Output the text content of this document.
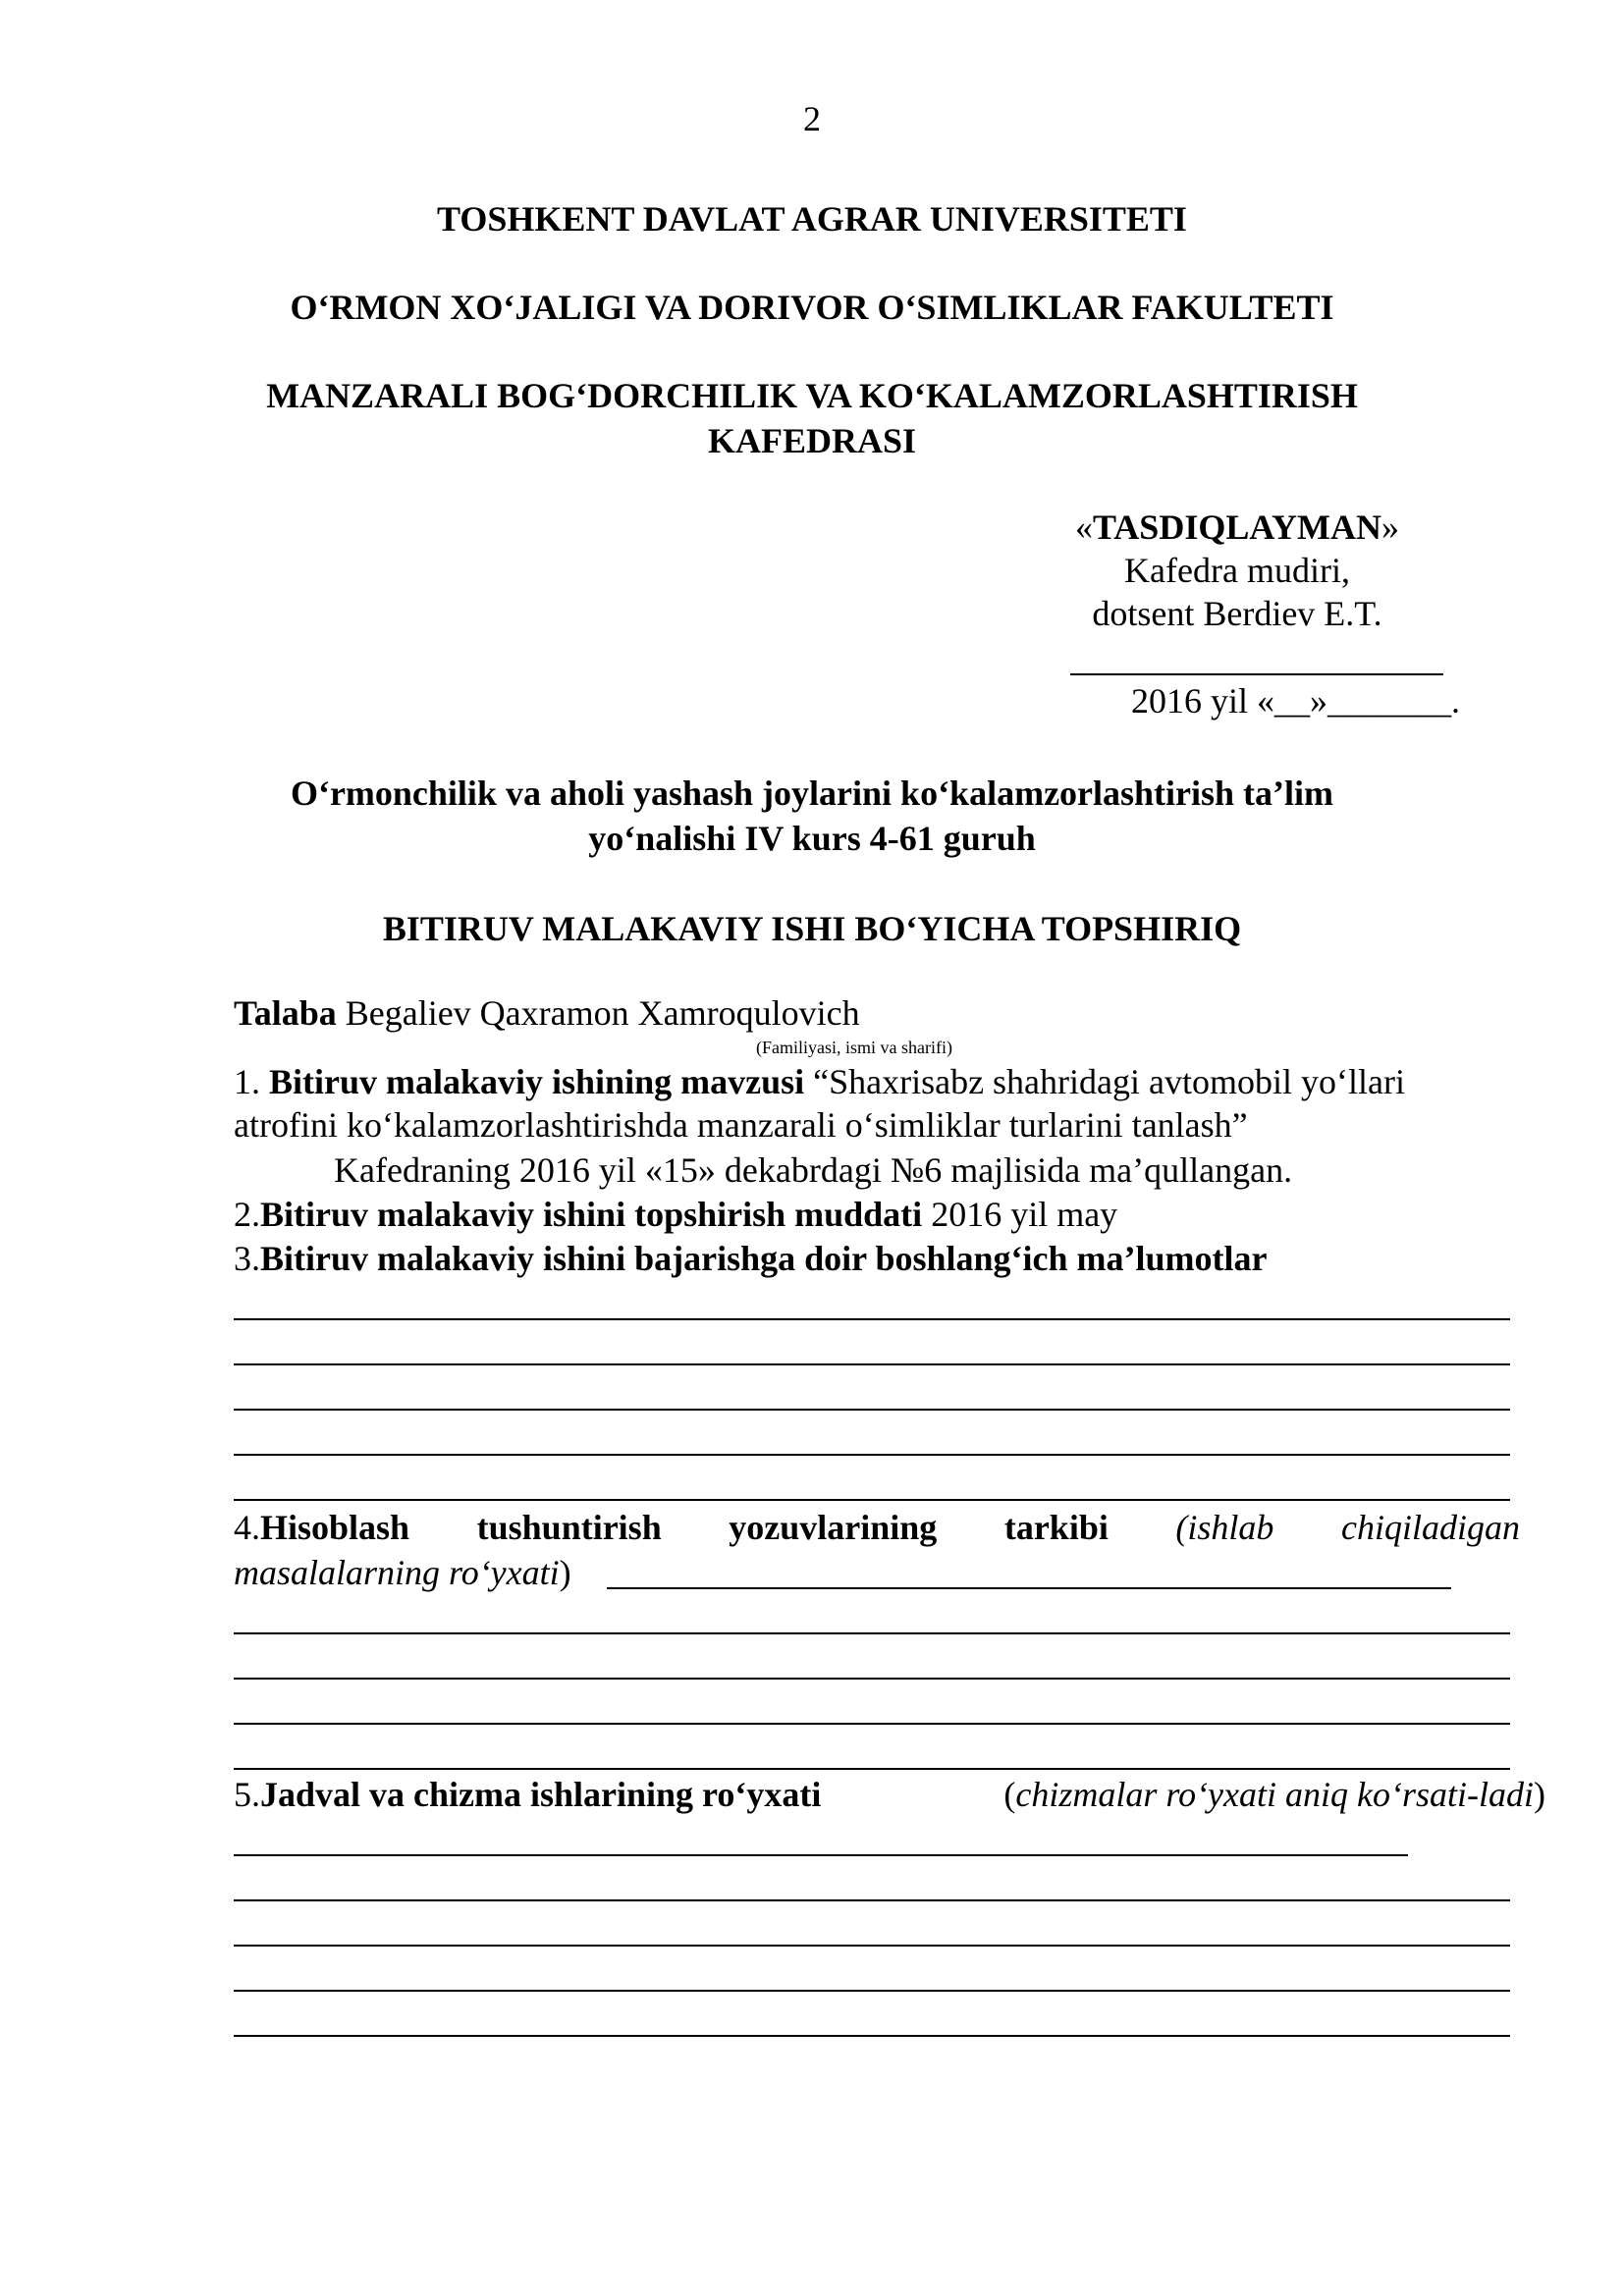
2
TOSHKENT DAVLAT AGRAR UNIVERSITETI
O‘RMON XO‘JALIGI VA DORIVOR O‘SIMLIKLAR FAKULTETI
MANZARALI BOG‘DORCHILIK VA KO‘KALAMZORLASHTIRISH
KAFEDRASI
«TASDIQLAYMAN»
Kafedra mudiri,
dotsent Berdiev E.T.
2016 yil «__»_______.
O‘rmonchilik va aholi yashash joylarini ko‘kalamzorlashtirish ta’lim
yo‘nalishi IV kurs 4-61 guruh
BITIRUV MALAKAVIY ISHI BO‘YICHA TOPSHIRIQ
Talaba Begaliev Qaxramon Xamroqulovich
(Familiyasi, ismi va sharifi)
1. Bitiruv malakaviy ishining mavzusi “Shaxrisabz shahridagi avtomobil yo‘llari
atrofini ko‘kalamzorlashtirishda manzarali o‘simliklar turlarini tanlash”
Kafedraning 2016 yil «15» dekabrdagi №6 majlisida ma’qullangan.
2.Bitiruv malakaviy ishini topshirish muddati 2016 yil may
3.Bitiruv malakaviy ishini bajarishga doir boshlang‘ich ma’lumotlar
4.Hisoblash tushuntirish yozuvlarining tarkibi (ishlab chiqiladigan
masalalarning ro‘yxati)
5.Jadval va chizma ishlarining ro‘yxati	(chizmalar ro‘yxati aniq ko‘rsati-ladi)
